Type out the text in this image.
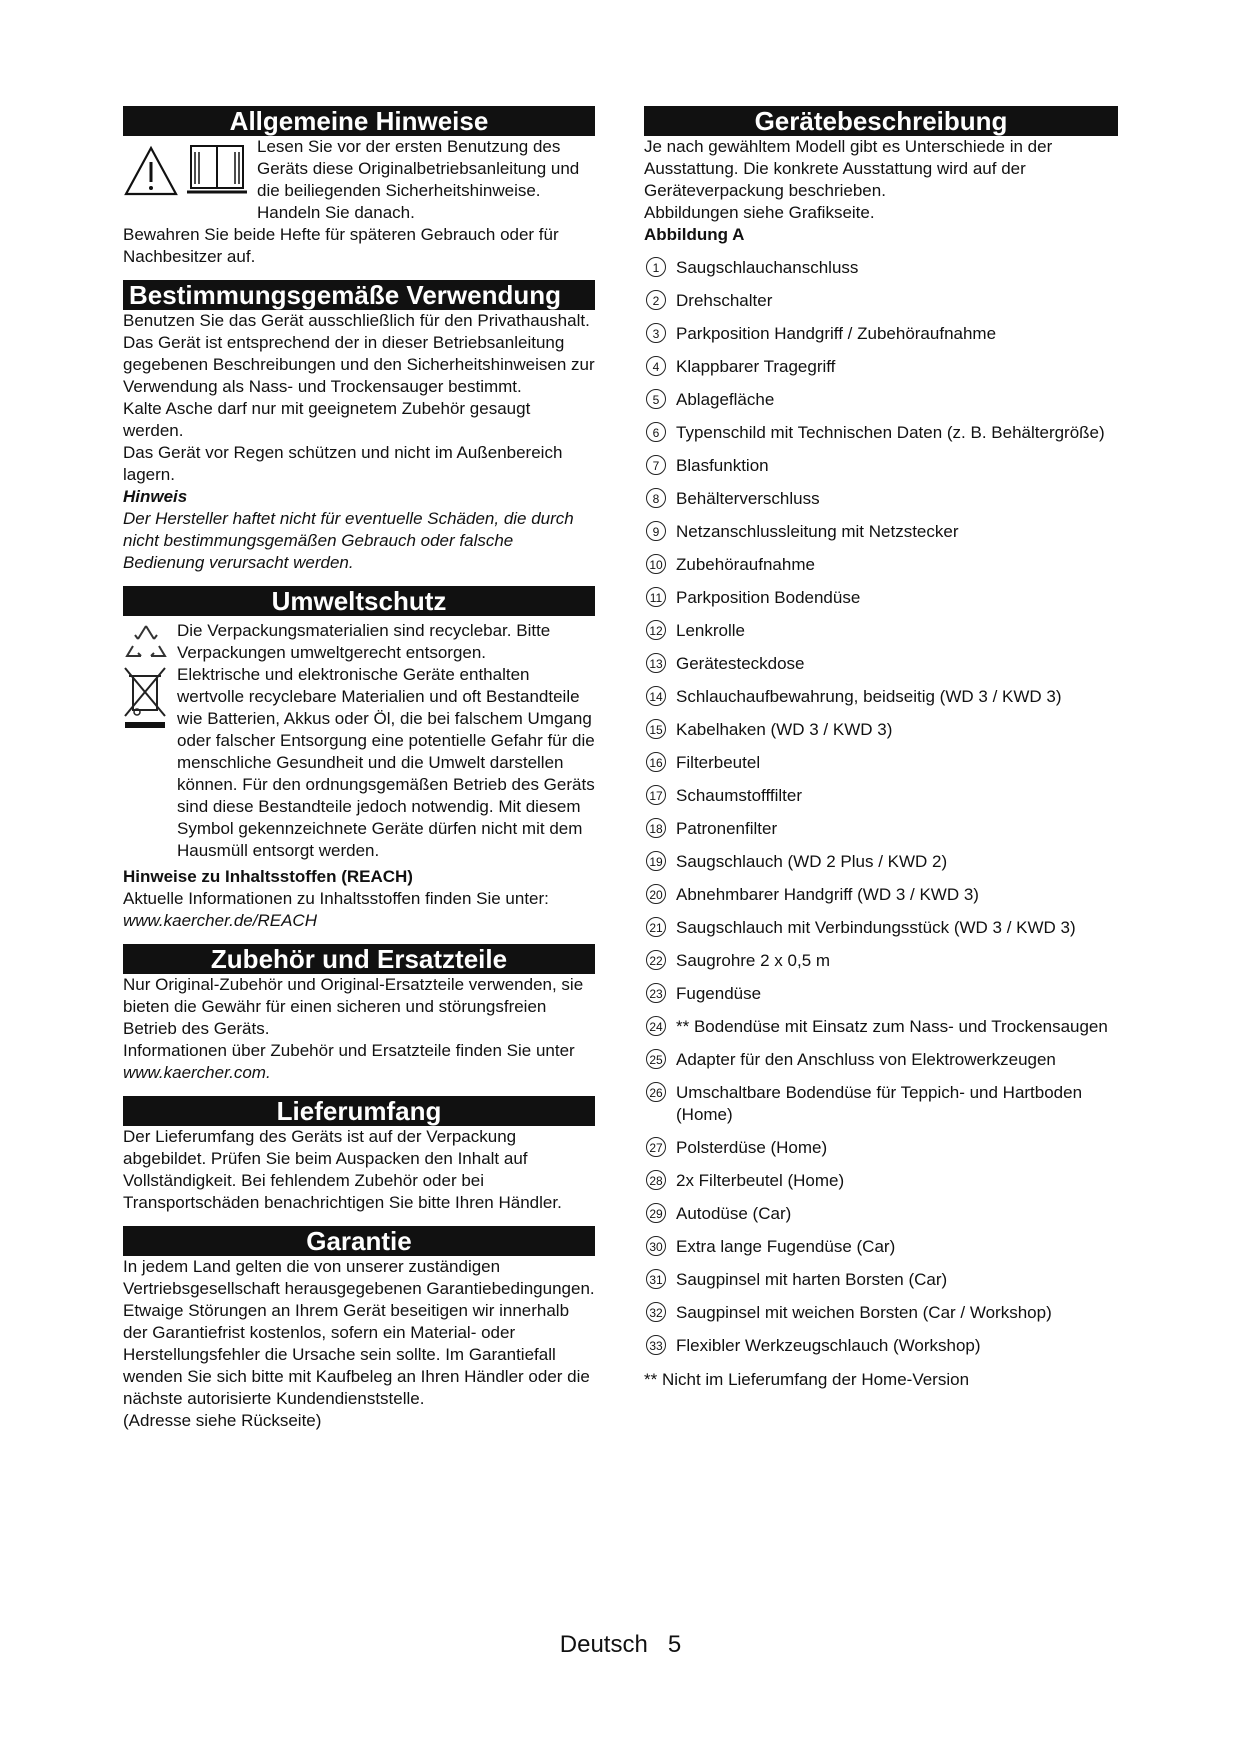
Allgemeine Hinweise

Lesen Sie vor der ersten Benutzung des Geräts diese Originalbetriebsanleitung und die beiliegenden Sicherheitshinweise. Handeln Sie danach.

Bewahren Sie beide Hefte für späteren Gebrauch oder für Nachbesitzer auf.

Bestimmungsgemäße Verwendung

Benutzen Sie das Gerät ausschließlich für den Privathaushalt.

Das Gerät ist entsprechend der in dieser Betriebsanleitung gegebenen Beschreibungen und den Sicherheitshinweisen zur Verwendung als Nass- und Trockensauger bestimmt.

Kalte Asche darf nur mit geeignetem Zubehör gesaugt werden.

Das Gerät vor Regen schützen und nicht im Außenbereich lagern.

Hinweis

Der Hersteller haftet nicht für eventuelle Schäden, die durch nicht bestimmungsgemäßen Gebrauch oder falsche Bedienung verursacht werden.

Umweltschutz

Die Verpackungsmaterialien sind recyclebar. Bitte Verpackungen umweltgerecht entsorgen.

Elektrische und elektronische Geräte enthalten wertvolle recyclebare Materialien und oft Bestandteile wie Batterien, Akkus oder Öl, die bei falschem Umgang oder falscher Entsorgung eine potentielle Gefahr für die menschliche Gesundheit und die Umwelt darstellen können. Für den ordnungsgemäßen Betrieb des Geräts sind diese Bestandteile jedoch notwendig. Mit diesem Symbol gekennzeichnete Geräte dürfen nicht mit dem Hausmüll entsorgt werden.

Hinweise zu Inhaltsstoffen (REACH)

Aktuelle Informationen zu Inhaltsstoffen finden Sie unter: www.kaercher.de/REACH

Zubehör und Ersatzteile

Nur Original-Zubehör und Original-Ersatzteile verwenden, sie bieten die Gewähr für einen sicheren und störungsfreien Betrieb des Geräts.

Informationen über Zubehör und Ersatzteile finden Sie unter www.kaercher.com.

Lieferumfang

Der Lieferumfang des Geräts ist auf der Verpackung abgebildet. Prüfen Sie beim Auspacken den Inhalt auf Vollständigkeit. Bei fehlendem Zubehör oder bei Transportschäden benachrichtigen Sie bitte Ihren Händler.

Garantie

In jedem Land gelten die von unserer zuständigen Vertriebsgesellschaft herausgegebenen Garantiebedingungen. Etwaige Störungen an Ihrem Gerät beseitigen wir innerhalb der Garantiefrist kostenlos, sofern ein Material- oder Herstellungsfehler die Ursache sein sollte. Im Garantiefall wenden Sie sich bitte mit Kaufbeleg an Ihren Händler oder die nächste autorisierte Kundendienststelle.

(Adresse siehe Rückseite)

Gerätebeschreibung

Je nach gewähltem Modell gibt es Unterschiede in der Ausstattung. Die konkrete Ausstattung wird auf der Geräteverpackung beschrieben.

Abbildungen siehe Grafikseite.

Abbildung A

1 Saugschlauchanschluss
2 Drehschalter
3 Parkposition Handgriff / Zubehöraufnahme
4 Klappbarer Tragegriff
5 Ablagefläche
6 Typenschild mit Technischen Daten (z. B. Behältergröße)
7 Blasfunktion
8 Behälterverschluss
9 Netzanschlussleitung mit Netzstecker
10 Zubehöraufnahme
11 Parkposition Bodendüse
12 Lenkrolle
13 Gerätesteckdose
14 Schlauchaufbewahrung, beidseitig (WD 3 / KWD 3)
15 Kabelhaken (WD 3 / KWD 3)
16 Filterbeutel
17 Schaumstofffilter
18 Patronenfilter
19 Saugschlauch (WD 2 Plus / KWD 2)
20 Abnehmbarer Handgriff (WD 3 / KWD 3)
21 Saugschlauch mit Verbindungsstück (WD 3 / KWD 3)
22 Saugrohre 2 x 0,5 m
23 Fugendüse
24 ** Bodendüse mit Einsatz zum Nass- und Trockensaugen
25 Adapter für den Anschluss von Elektrowerkzeugen
26 Umschaltbare Bodendüse für Teppich- und Hartboden (Home)
27 Polsterdüse (Home)
28 2x Filterbeutel (Home)
29 Autodüse (Car)
30 Extra lange Fugendüse (Car)
31 Saugpinsel mit harten Borsten (Car)
32 Saugpinsel mit weichen Borsten (Car / Workshop)
33 Flexibler Werkzeugschlauch (Workshop)

** Nicht im Lieferumfang der Home-Version

Deutsch 5
